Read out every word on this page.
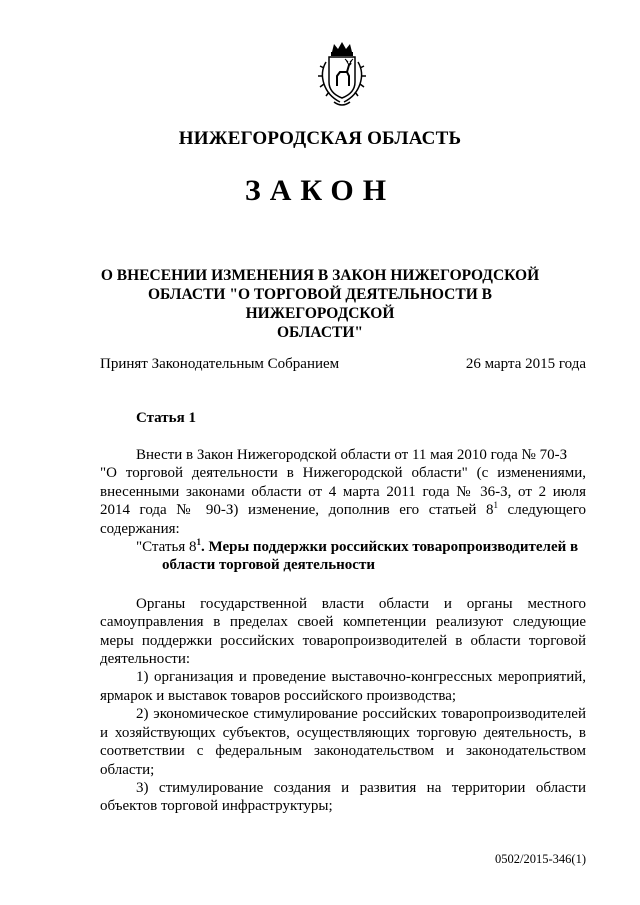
НИЖЕГОРОДСКАЯ ОБЛАСТЬ
ЗАКОН
О ВНЕСЕНИИ ИЗМЕНЕНИЯ В ЗАКОН НИЖЕГОРОДСКОЙ
ОБЛАСТИ "О ТОРГОВОЙ ДЕЯТЕЛЬНОСТИ В НИЖЕГОРОДСКОЙ
ОБЛАСТИ"
Принят Законодательным Собранием	26 марта 2015 года
Статья 1
Внести в Закон Нижегородской области от 11 мая 2010 года № 70-З
"О торговой деятельности в Нижегородской области" (с изменениями,
внесенными законами области от 4 марта 2011 года № 36-З, от 2 июля
2014 года № 90-З) изменение, дополнив его статьей $8^1$ следующего
содержания:
"Статья $8^1$. Меры поддержки российских товаропроизводителей в
области торговой деятельности
Органы государственной власти области и органы местного самоуправления в пределах своей компетенции реализуют следующие меры поддержки российских товаропроизводителей в области торговой деятельности:
1) организация и проведение выставочно-конгрессных мероприятий, ярмарок и выставок товаров российского производства;
2) экономическое стимулирование российских товаропроизводителей и хозяйствующих субъектов, осуществляющих торговую деятельность, в соответствии с федеральным законодательством и законодательством области;
3) стимулирование создания и развития на территории области объектов торговой инфраструктуры;
0502/2015-346(1)
